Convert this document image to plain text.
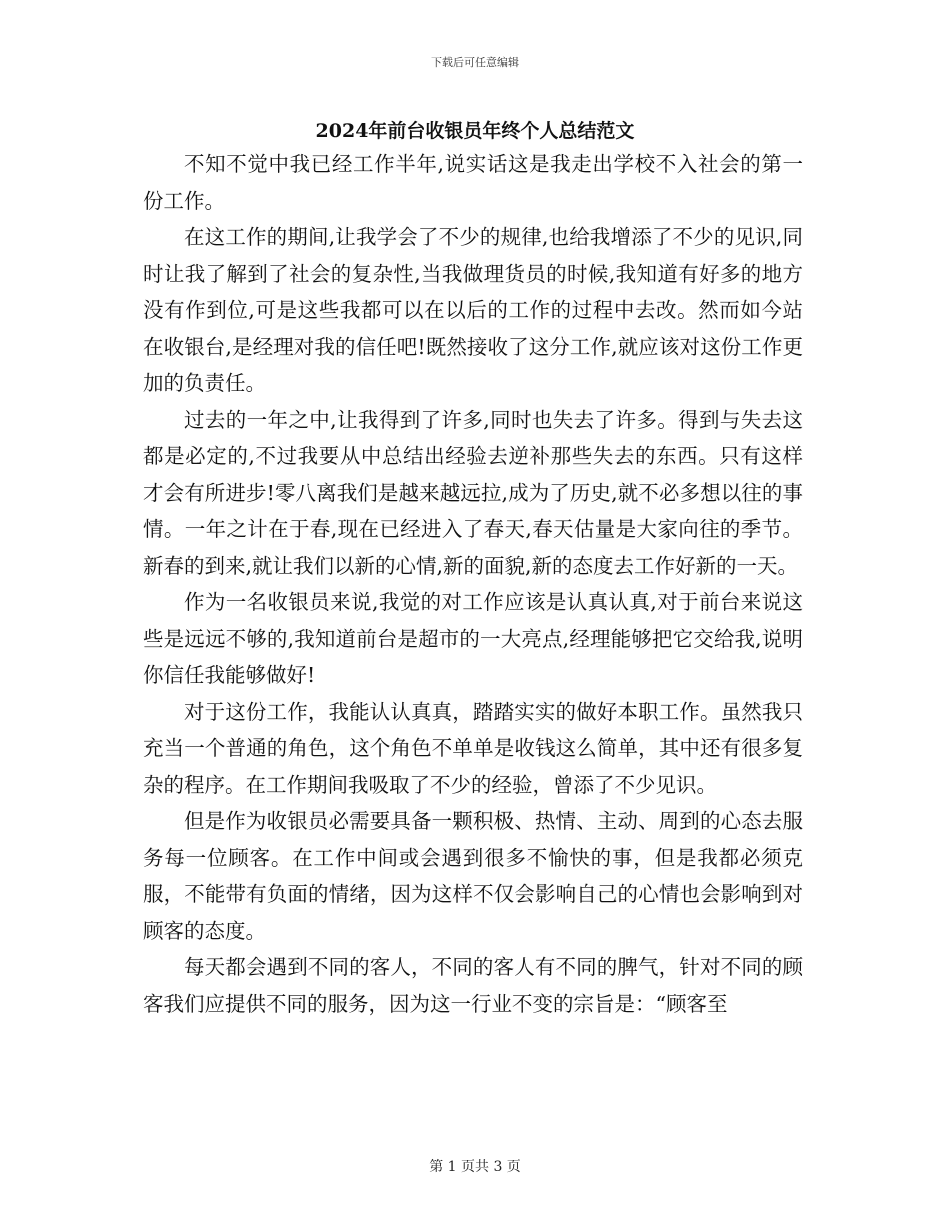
下载后可任意编辑
2024年前台收银员年终个人总结范文

不知不觉中我已经工作半年,说实话这是我走出学校不入社会的第一份工作。

在这工作的期间,让我学会了不少的规律,也给我增添了不少的见识,同时让我了解到了社会的复杂性,当我做理货员的时候,我知道有好多的地方没有作到位,可是这些我都可以在以后的工作的过程中去改。然而如今站在收银台,是经理对我的信任吧!既然接收了这分工作,就应该对这份工作更加的负责任。

过去的一年之中,让我得到了许多,同时也失去了许多。得到与失去这都是必定的,不过我要从中总结出经验去逆补那些失去的东西。只有这样才会有所进步!零八离我们是越来越远拉,成为了历史,就不必多想以往的事情。一年之计在于春,现在已经进入了春天,春天估量是大家向往的季节。新春的到来,就让我们以新的心情,新的面貌,新的态度去工作好新的一天。

作为一名收银员来说,我觉的对工作应该是认真认真,对于前台来说这些是远远不够的,我知道前台是超市的一大亮点,经理能够把它交给我,说明你信任我能够做好!

对于这份工作，我能认认真真，踏踏实实的做好本职工作。虽然我只充当一个普通的角色，这个角色不单单是收钱这么简单，其中还有很多复杂的程序。在工作期间我吸取了不少的经验，曾添了不少见识。

但是作为收银员必需要具备一颗积极、热情、主动、周到的心态去服务每一位顾客。在工作中间或会遇到很多不愉快的事，但是我都必须克服，不能带有负面的情绪，因为这样不仅会影响自己的心情也会影响到对顾客的态度。

每天都会遇到不同的客人，不同的客人有不同的脾气，针对不同的顾客我们应提供不同的服务，因为这一行业不变的宗旨是：“顾客至

第 1 页共 3 页
